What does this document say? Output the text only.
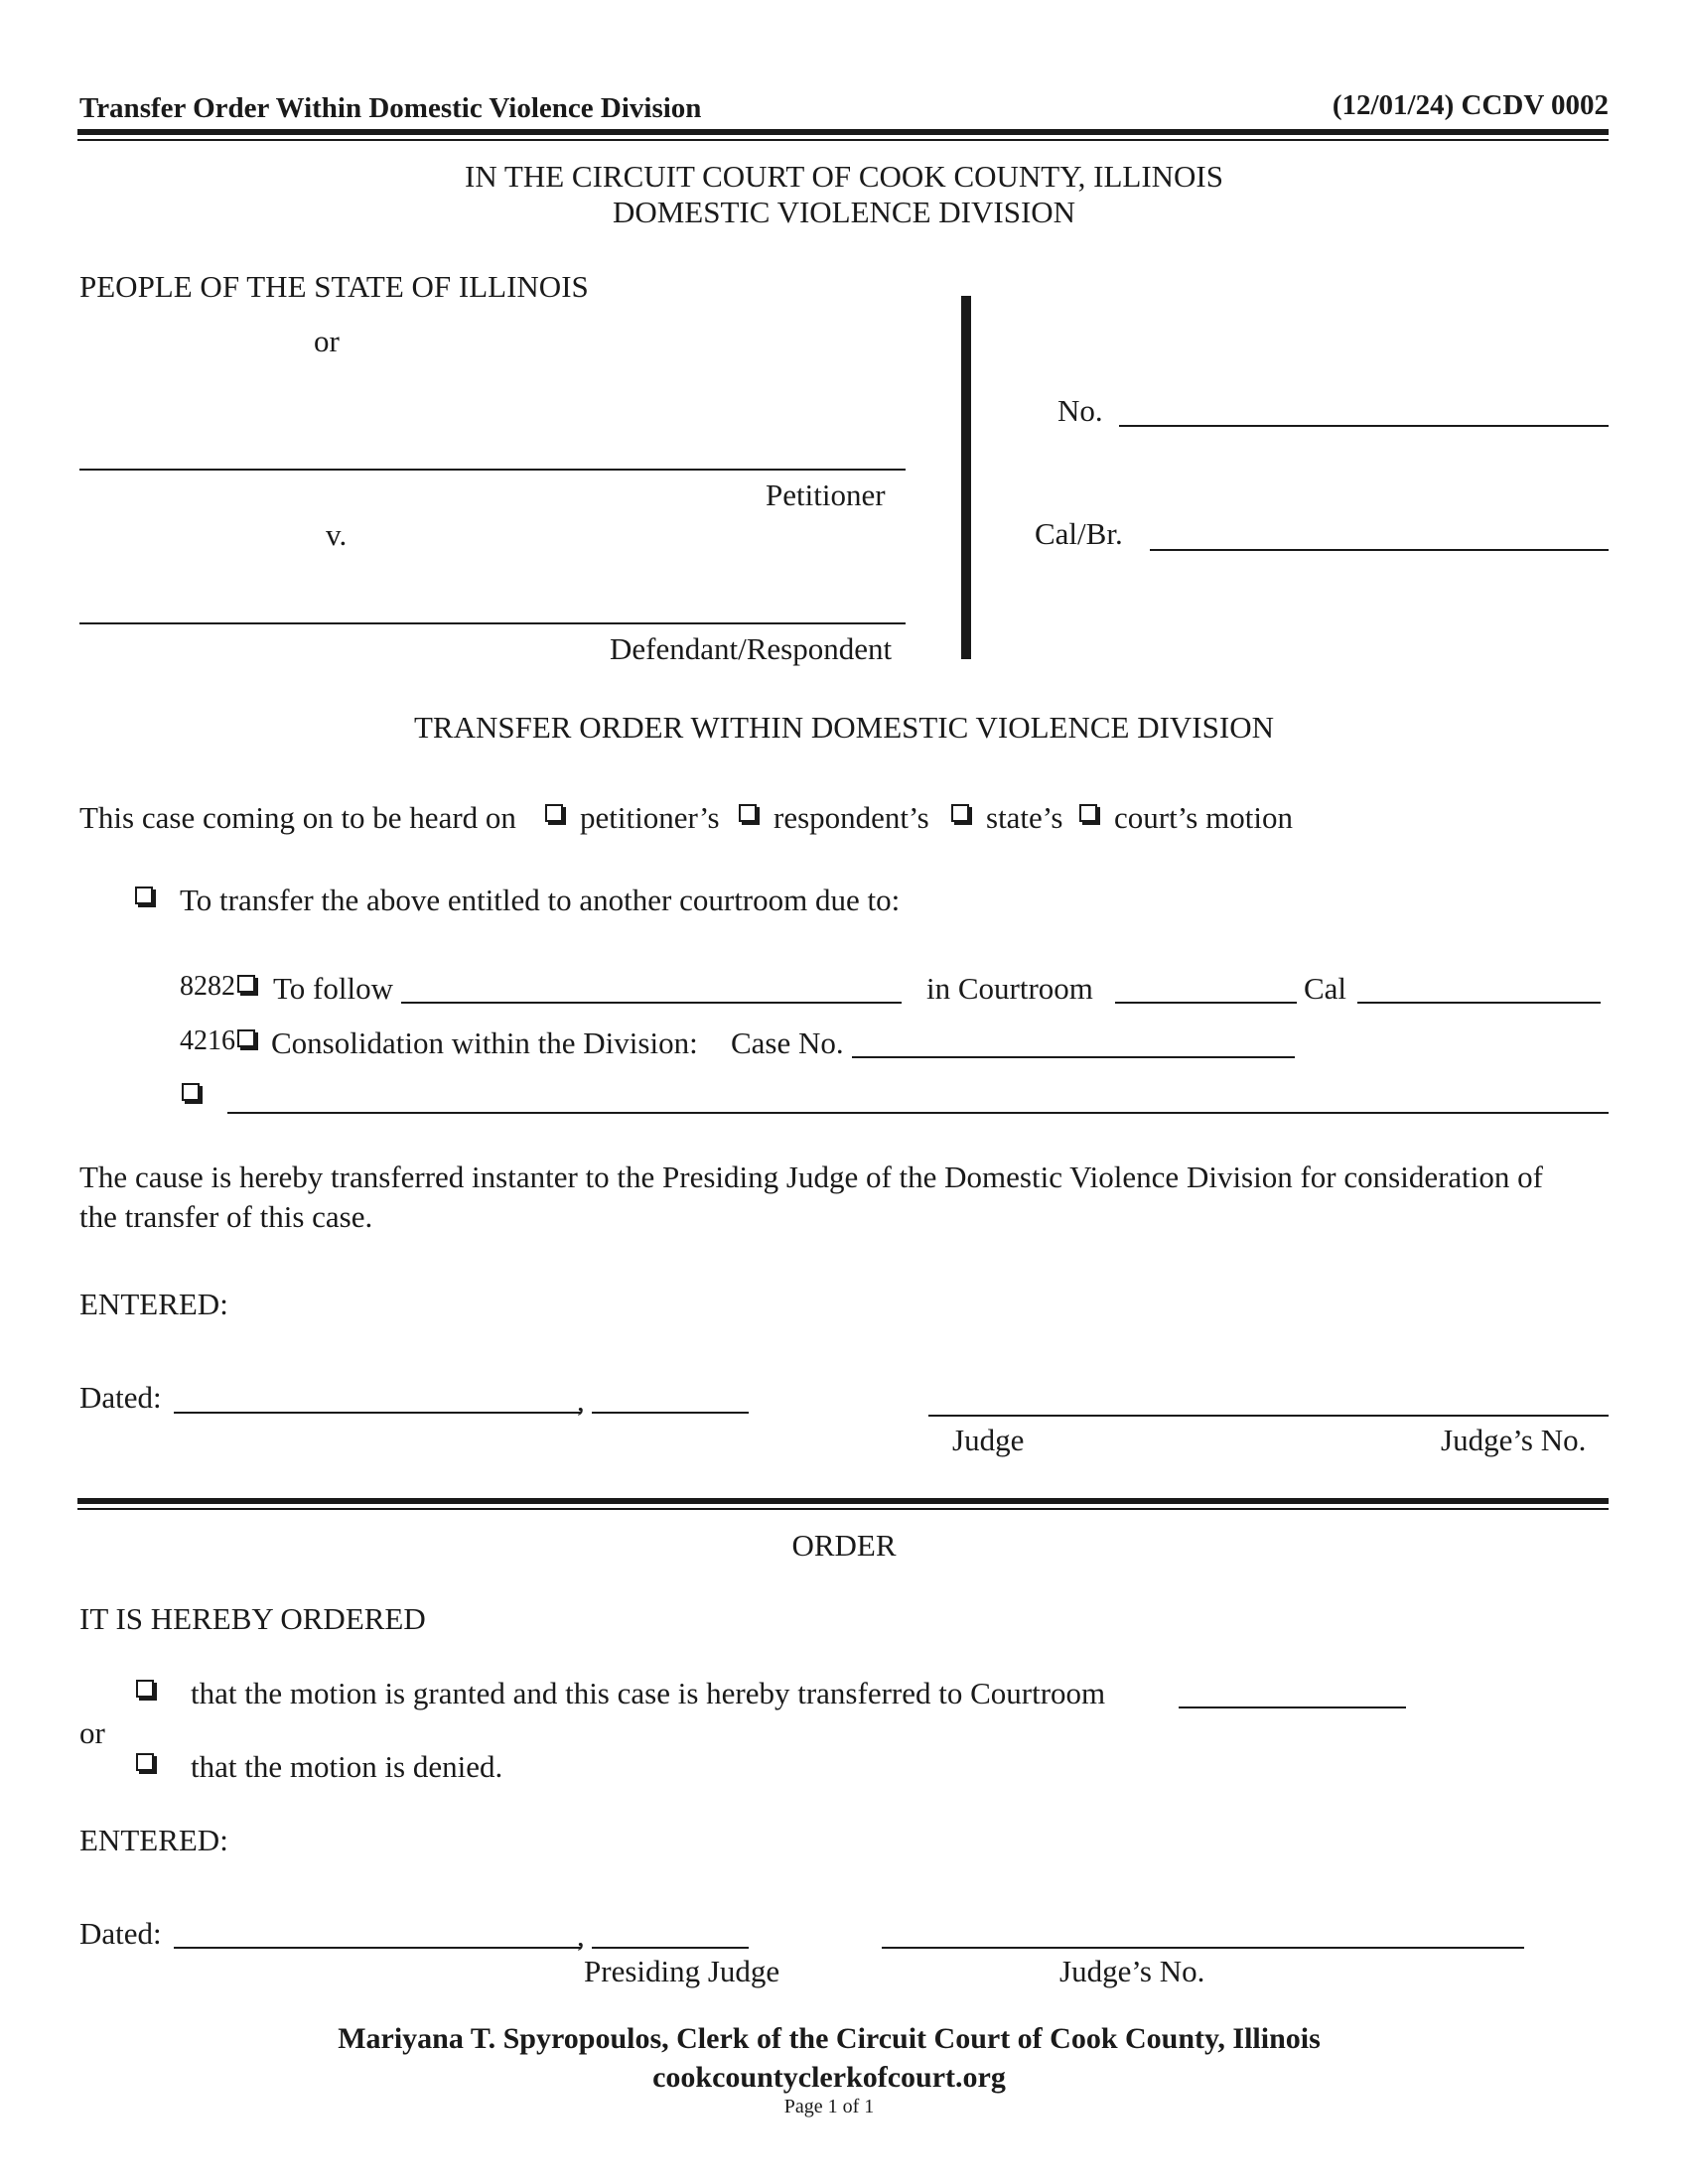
Transfer Order Within Domestic Violence Division	(12/01/24) CCDV 0002
IN THE CIRCUIT COURT OF COOK COUNTY, ILLINOIS
DOMESTIC VIOLENCE DIVISION
PEOPLE OF THE STATE OF ILLINOIS
or
Petitioner
v.
Defendant/Respondent
No.
Cal/Br.
TRANSFER ORDER WITHIN DOMESTIC VIOLENCE DIVISION
This case coming on to be heard on petitioner’s respondent’s state’s court’s motion
To transfer the above entitled to another courtroom due to:
8282 To follow	in Courtroom	Cal
4216 Consolidation within the Division: Case No.
The cause is hereby transferred instanter to the Presiding Judge of the Domestic Violence Division for consideration of
the transfer of this case.
ENTERED:
Dated:	,
Judge	Judge’s No.
ORDER
IT IS HEREBY ORDERED
that the motion is granted and this case is hereby transferred to Courtroom
or
that the motion is denied.
ENTERED:
Dated:	,
Presiding Judge	Judge’s No.
Mariyana T. Spyropoulos, Clerk of the Circuit Court of Cook County, Illinois
cookcountyclerkofcourt.org
Page 1 of 1
